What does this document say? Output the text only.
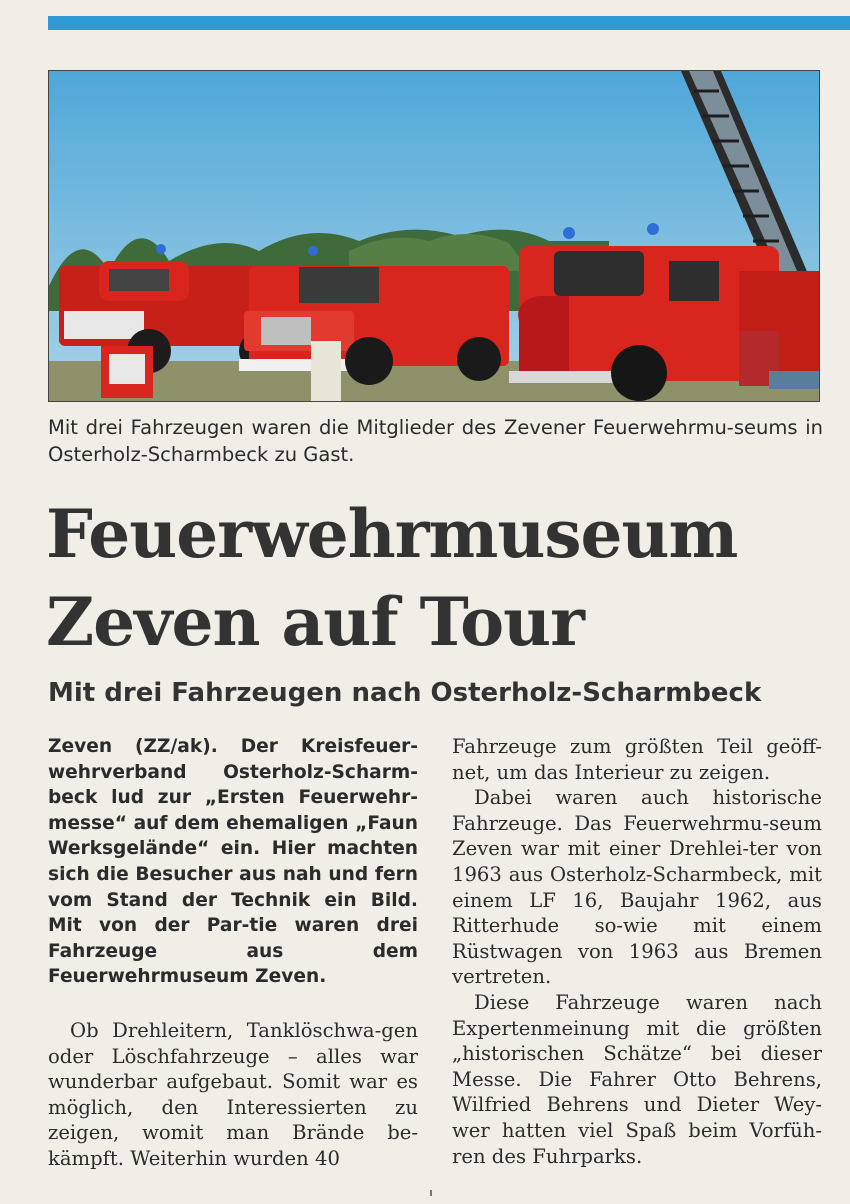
Mit drei Fahrzeugen waren die Mitglieder des Zevener Feuerwehrmu-seums in Osterholz-Scharmbeck zu Gast.
Feuerwehrmuseum
Zeven auf Tour
Mit drei Fahrzeugen nach Osterholz-Scharmbeck

Zeven (ZZ/ak). Der Kreisfeuer-wehrverband Osterholz-Scharm-beck lud zur „Ersten Feuerwehr-messe“ auf dem ehemaligen „Faun Werksgelände“ ein. Hier machten sich die Besucher aus nah und fern vom Stand der Technik ein Bild. Mit von der Par-tie waren drei Fahrzeuge aus dem Feuerwehrmuseum Zeven.

Ob Drehleitern, Tanklöschwa-gen oder Löschfahrzeuge – alles war wunderbar aufgebaut. Somit war es möglich, den Interessierten zu zeigen, womit man Brände be-kämpft. Weiterhin wurden 40

Fahrzeuge zum größten Teil geöff-net, um das Interieur zu zeigen.

Dabei waren auch historische Fahrzeuge. Das Feuerwehrmu-seum Zeven war mit einer Drehlei-ter von 1963 aus Osterholz-Scharmbeck, mit einem LF 16, Baujahr 1962, aus Ritterhude so-wie mit einem Rüstwagen von 1963 aus Bremen vertreten.

Diese Fahrzeuge waren nach Expertenmeinung mit die größten „historischen Schätze“ bei dieser Messe. Die Fahrer Otto Behrens, Wilfried Behrens und Dieter Wey-wer hatten viel Spaß beim Vorfüh-ren des Fuhrparks.
